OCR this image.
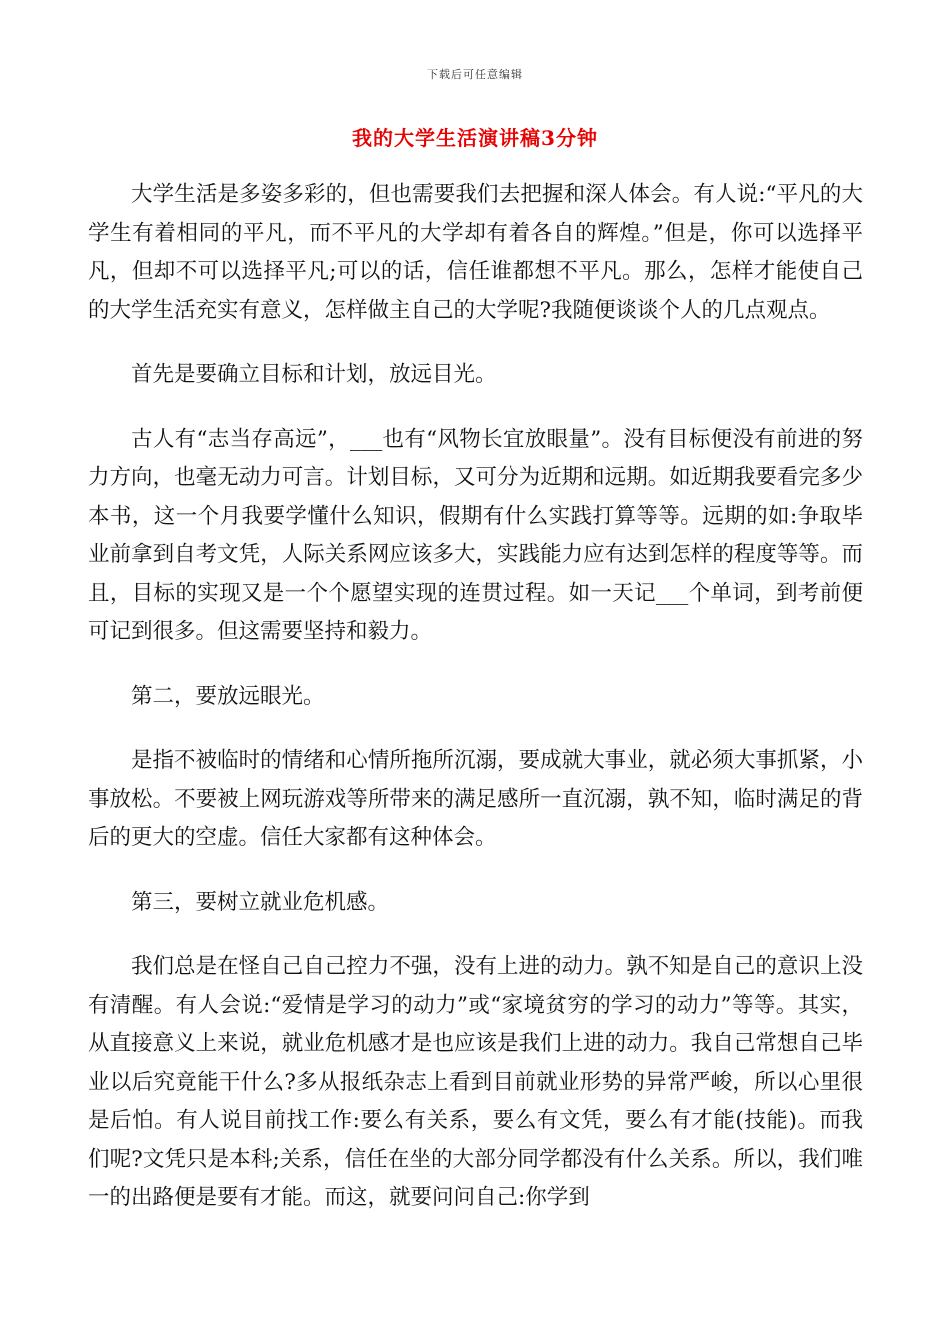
下载后可任意编辑
我的大学生活演讲稿3分钟

大学生活是多姿多彩的，但也需要我们去把握和深人体会。有人说:“平凡的大学生有着相同的平凡，而不平凡的大学却有着各自的辉煌。”但是，你可以选择平凡，但却不可以选择平凡;可以的话，信任谁都想不平凡。那么，怎样才能使自己的大学生活充实有意义，怎样做主自己的大学呢?我随便谈谈个人的几点观点。

首先是要确立目标和计划，放远目光。

古人有“志当存高远”，___也有“风物长宜放眼量”。没有目标便没有前进的努力方向，也毫无动力可言。计划目标，又可分为近期和远期。如近期我要看完多少本书，这一个月我要学懂什么知识，假期有什么实践打算等等。远期的如:争取毕业前拿到自考文凭，人际关系网应该多大，实践能力应有达到怎样的程度等等。而且，目标的实现又是一个个愿望实现的连贯过程。如一天记___个单词，到考前便可记到很多。但这需要坚持和毅力。

第二，要放远眼光。

是指不被临时的情绪和心情所拖所沉溺，要成就大事业，就必须大事抓紧，小事放松。不要被上网玩游戏等所带来的满足感所一直沉溺，孰不知，临时满足的背后的更大的空虚。信任大家都有这种体会。

第三，要树立就业危机感。

我们总是在怪自己自己控力不强，没有上进的动力。孰不知是自己的意识上没有清醒。有人会说:“爱情是学习的动力”或“家境贫穷的学习的动力”等等。其实，从直接意义上来说，就业危机感才是也应该是我们上进的动力。我自己常想自己毕业以后究竟能干什么?多从报纸杂志上看到目前就业形势的异常严峻，所以心里很是后怕。有人说目前找工作:要么有关系，要么有文凭，要么有才能(技能)。而我们呢?文凭只是本科;关系，信任在坐的大部分同学都没有什么关系。所以，我们唯一的出路便是要有才能。而这，就要问问自己:你学到
